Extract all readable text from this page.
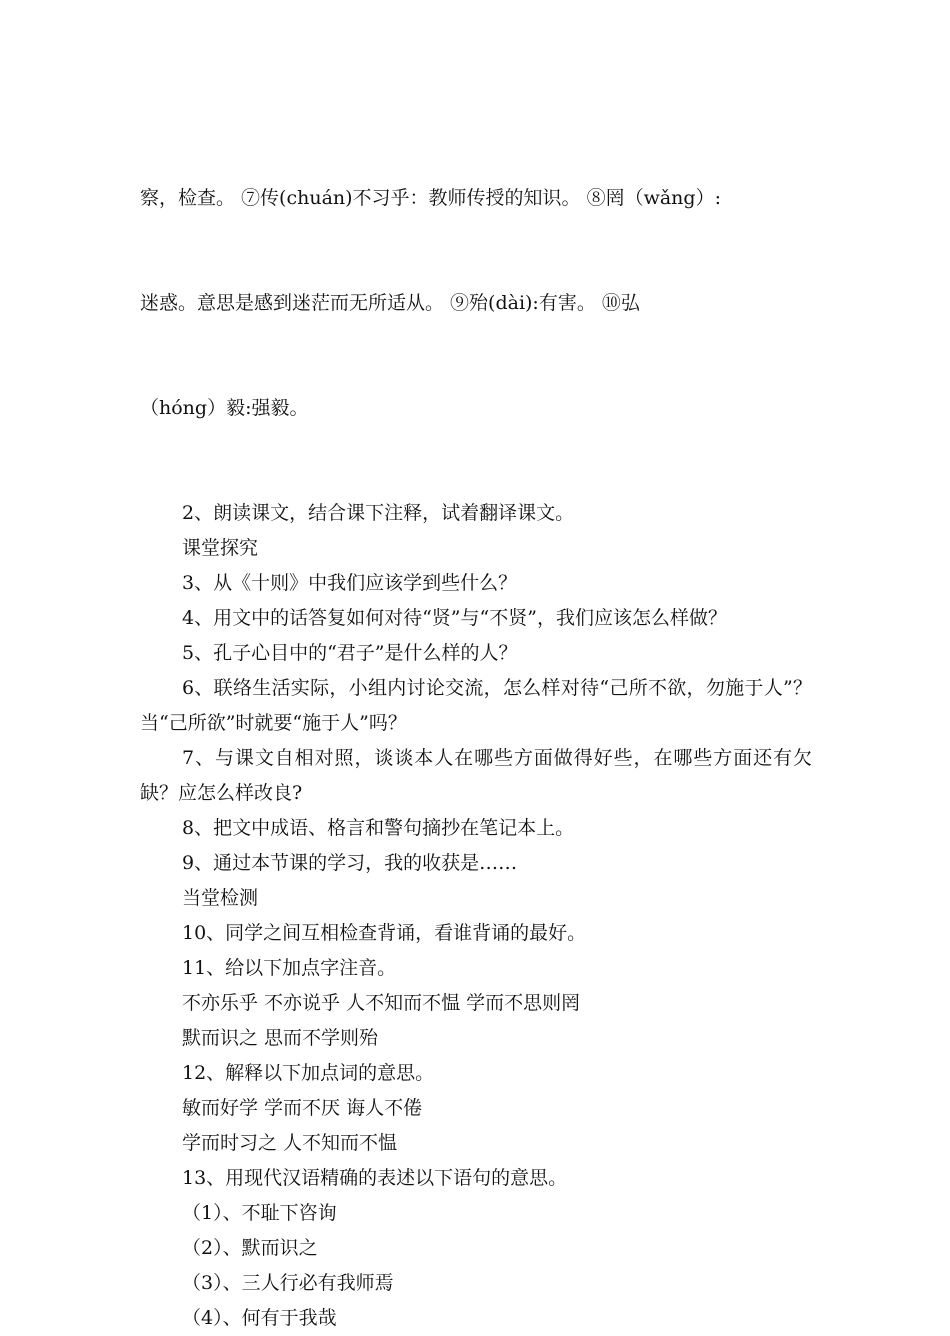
察，检查。 ⑦传(chuán)不习乎：教师传授的知识。 ⑧罔（wǎng）:

迷惑。意思是感到迷茫而无所适从。 ⑨殆(dài):有害。 ⑩弘

（hóng）毅:强毅。

2、朗读课文，结合课下注释，试着翻译课文。

课堂探究

3、从《十则》中我们应该学到些什么？

4、用文中的话答复如何对待“贤”与“不贤”，我们应该怎么样做？

5、孔子心目中的“君子”是什么样的人？

6、联络生活实际，小组内讨论交流，怎么样对待“己所不欲，勿施于人”？当“己所欲”时就要“施于人”吗？

7、与课文自相对照，谈谈本人在哪些方面做得好些，在哪些方面还有欠缺？应怎么样改良?

8、把文中成语、格言和警句摘抄在笔记本上。

9、通过本节课的学习，我的收获是……

当堂检测

10、同学之间互相检查背诵，看谁背诵的最好。

11、给以下加点字注音。

不亦乐乎 不亦说乎 人不知而不愠 学而不思则罔

默而识之 思而不学则殆

12、解释以下加点词的意思。

敏而好学 学而不厌 诲人不倦

学而时习之 人不知而不愠

13、用现代汉语精确的表述以下语句的意思。

（1）、不耻下咨询

（2）、默而识之

（3）、三人行必有我师焉

（4）、何有于我哉
